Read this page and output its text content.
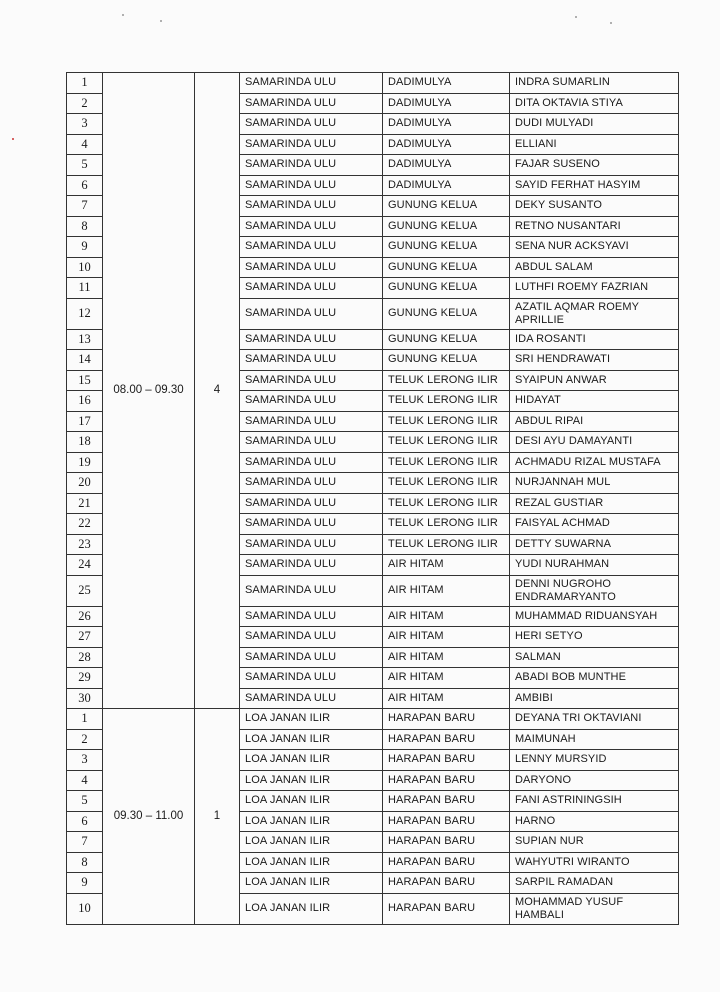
1	08.00 – 09.30	4	SAMARINDA ULU	DADIMULYA	INDRA SUMARLIN
2			SAMARINDA ULU	DADIMULYA	DITA OKTAVIA STIYA
3			SAMARINDA ULU	DADIMULYA	DUDI MULYADI
4			SAMARINDA ULU	DADIMULYA	ELLIANI
5			SAMARINDA ULU	DADIMULYA	FAJAR SUSENO
6			SAMARINDA ULU	DADIMULYA	SAYID FERHAT HASYIM
7			SAMARINDA ULU	GUNUNG KELUA	DEKY SUSANTO
8			SAMARINDA ULU	GUNUNG KELUA	RETNO NUSANTARI
9			SAMARINDA ULU	GUNUNG KELUA	SENA NUR ACKSYAVI
10			SAMARINDA ULU	GUNUNG KELUA	ABDUL SALAM
11			SAMARINDA ULU	GUNUNG KELUA	LUTHFI ROEMY FAZRIAN
12			SAMARINDA ULU	GUNUNG KELUA	AZATIL AQMAR ROEMY APRILLIE
13			SAMARINDA ULU	GUNUNG KELUA	IDA ROSANTI
14			SAMARINDA ULU	GUNUNG KELUA	SRI HENDRAWATI
15			SAMARINDA ULU	TELUK LERONG ILIR	SYAIPUN ANWAR
16			SAMARINDA ULU	TELUK LERONG ILIR	HIDAYAT
17			SAMARINDA ULU	TELUK LERONG ILIR	ABDUL RIPAI
18			SAMARINDA ULU	TELUK LERONG ILIR	DESI AYU DAMAYANTI
19			SAMARINDA ULU	TELUK LERONG ILIR	ACHMADU RIZAL MUSTAFA
20			SAMARINDA ULU	TELUK LERONG ILIR	NURJANNAH MUL
21			SAMARINDA ULU	TELUK LERONG ILIR	REZAL GUSTIAR
22			SAMARINDA ULU	TELUK LERONG ILIR	FAISYAL ACHMAD
23			SAMARINDA ULU	TELUK LERONG ILIR	DETTY SUWARNA
24			SAMARINDA ULU	AIR HITAM	YUDI NURAHMAN
25			SAMARINDA ULU	AIR HITAM	DENNI NUGROHO ENDRAMARYANTO
26			SAMARINDA ULU	AIR HITAM	MUHAMMAD RIDUANSYAH
27			SAMARINDA ULU	AIR HITAM	HERI SETYO
28			SAMARINDA ULU	AIR HITAM	SALMAN
29			SAMARINDA ULU	AIR HITAM	ABADI BOB MUNTHE
30			SAMARINDA ULU	AIR HITAM	AMBIBI
1	09.30 – 11.00	1	LOA JANAN ILIR	HARAPAN BARU	DEYANA TRI OKTAVIANI
2			LOA JANAN ILIR	HARAPAN BARU	MAIMUNAH
3			LOA JANAN ILIR	HARAPAN BARU	LENNY MURSYID
4			LOA JANAN ILIR	HARAPAN BARU	DARYONO
5			LOA JANAN ILIR	HARAPAN BARU	FANI ASTRININGSIH
6			LOA JANAN ILIR	HARAPAN BARU	HARNO
7			LOA JANAN ILIR	HARAPAN BARU	SUPIAN NUR
8			LOA JANAN ILIR	HARAPAN BARU	WAHYUTRI WIRANTO
9			LOA JANAN ILIR	HARAPAN BARU	SARPIL RAMADAN
10			LOA JANAN ILIR	HARAPAN BARU	MOHAMMAD YUSUF HAMBALI
